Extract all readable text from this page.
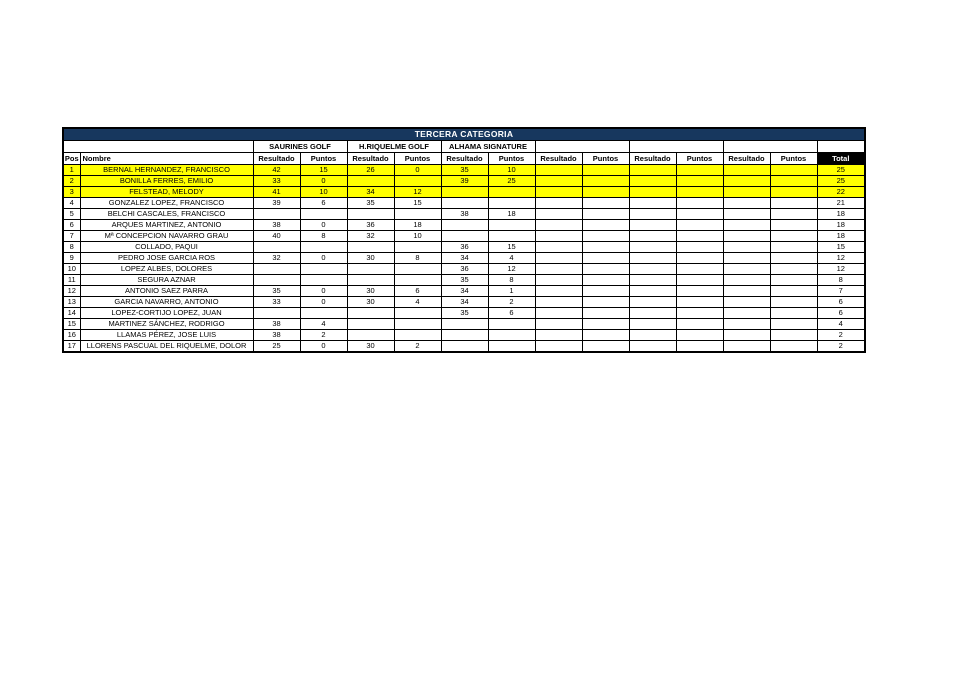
TERCERA CATEGORIA														
		SAURINES GOLF		H.RIQUELME GOLF		ALHAMA SIGNATURE								
Pos	Nombre	Resultado	Puntos	Resultado	Puntos	Resultado	Puntos	Resultado	Puntos	Resultado	Puntos	Resultado	Puntos	Total
1	BERNAL HERNANDEZ, FRANCISCO	42	15	26	0	35	10							25
2	BONILLA FERRES, EMILIO	33	0			39	25							25
3	FELSTEAD, MELODY	41	10	34	12									22
4	GONZALEZ LOPEZ, FRANCISCO	39	6	35	15									21
5	BELCHI CASCALES, FRANCISCO					38	18							18
6	ARQUES MARTINEZ, ANTONIO	38	0	36	18									18
7	Mª CONCEPCION NAVARRO GRAU	40	8	32	10									18
8	COLLADO, PAQUI					36	15							15
9	PEDRO JOSE GARCIA ROS	32	0	30	8	34	4							12
10	LOPEZ ALBES, DOLORES					36	12							12
11	SEGURA AZNAR					35	8							8
12	ANTONIO SAEZ PARRA	35	0	30	6	34	1							7
13	GARCIA NAVARRO, ANTONIO	33	0	30	4	34	2							6
14	LOPEZ-CORTIJO LOPEZ, JUAN					35	6							6
15	MARTINEZ SÁNCHEZ, RODRIGO	38	4											4
16	LLAMAS PÉREZ, JOSE LUIS	38	2											2
17	LLORENS PASCUAL DEL RIQUELME, DOLOR	25	0	30	2									2
